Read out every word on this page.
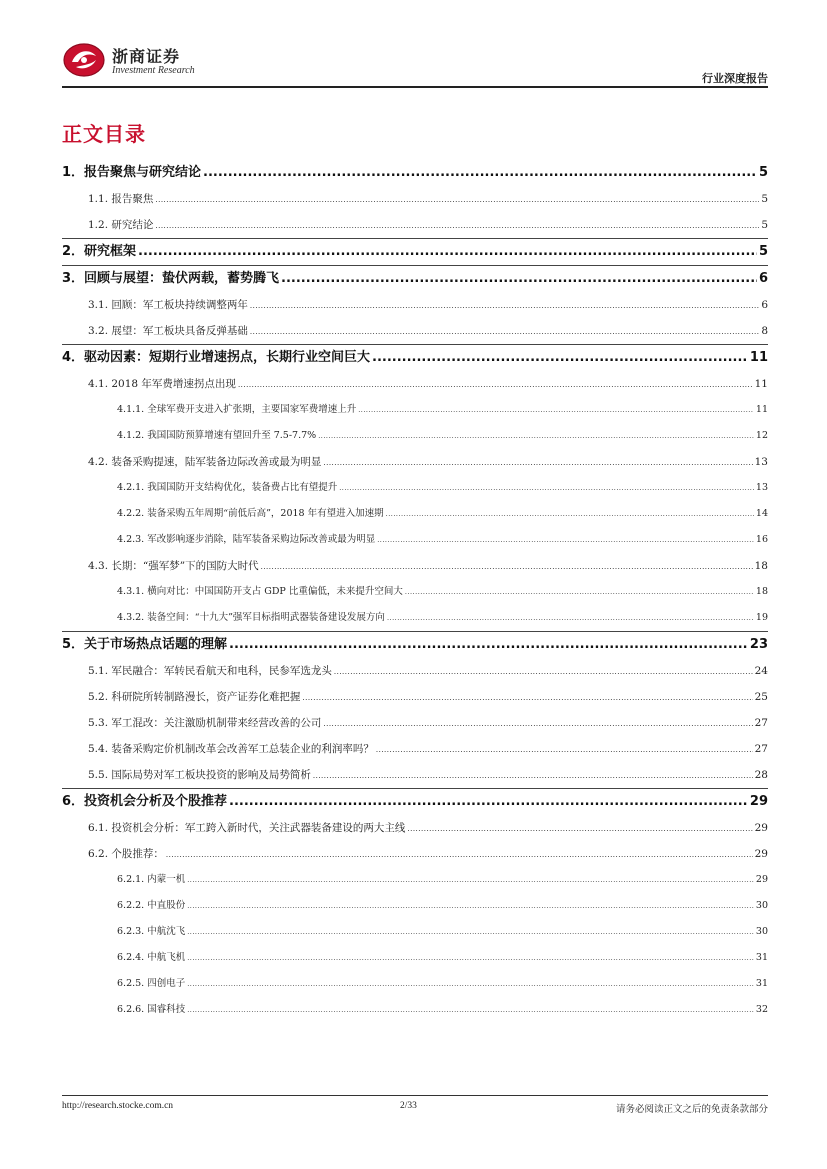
浙商证券
Investment Research
行业深度报告
正文目录
1．报告聚焦与研究结论 .....	5
1.1. 报告聚焦 .....	5
1.2. 研究结论 .....	5
2．研究框架 .....	5
3．回顾与展望：蛰伏两载，蓄势腾飞 .....	6
3.1. 回顾：军工板块持续调整两年 .....	6
3.2. 展望：军工板块具备反弹基础 .....	8
4．驱动因素：短期行业增速拐点，长期行业空间巨大 .....	11
4.1. 2018 年军费增速拐点出现 .....	11
4.1.1. 全球军费开支进入扩张期，主要国家军费增速上升 .....	11
4.1.2. 我国国防预算增速有望回升至 7.5-7.7% .....	12
4.2. 装备采购提速，陆军装备边际改善或最为明显 .....	13
4.2.1. 我国国防开支结构优化，装备费占比有望提升 .....	13
4.2.2. 装备采购五年周期“前低后高”，2018 年有望进入加速期 .....	14
4.2.3. 军改影响逐步消除，陆军装备采购边际改善或最为明显 .....	16
4.3. 长期：“强军梦”下的国防大时代 .....	18
4.3.1. 横向对比：中国国防开支占 GDP 比重偏低，未来提升空间大 .....	18
4.3.2. 装备空间：“十九大”强军目标指明武器装备建设发展方向 .....	19
5．关于市场热点话题的理解 .....	23
5.1. 军民融合：军转民看航天和电科，民参军选龙头 .....	24
5.2. 科研院所转制路漫长，资产证券化难把握 .....	25
5.3. 军工混改：关注激励机制带来经营改善的公司 .....	27
5.4. 装备采购定价机制改革会改善军工总装企业的利润率吗？ .....	27
5.5. 国际局势对军工板块投资的影响及局势简析 .....	28
6．投资机会分析及个股推荐 .....	29
6.1. 投资机会分析：军工跨入新时代，关注武器装备建设的两大主线 .....	29
6.2. 个股推荐： .....	29
6.2.1. 内蒙一机 .....	29
6.2.2. 中直股份 .....	30
6.2.3. 中航沈飞 .....	30
6.2.4. 中航飞机 .....	31
6.2.5. 四创电子 .....	31
6.2.6. 国睿科技 .....	32
http://research.stocke.com.cn	2/33	请务必阅读正文之后的免责条款部分
